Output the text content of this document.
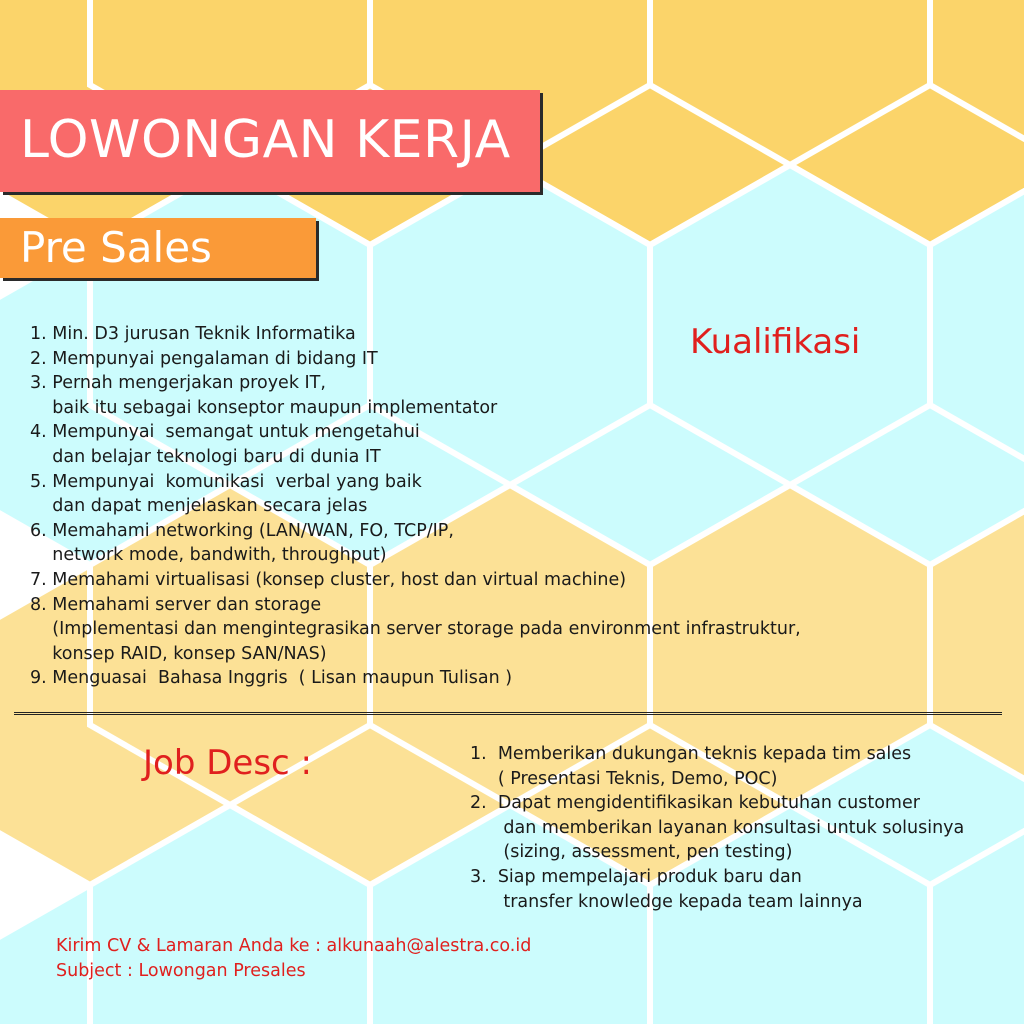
LOWONGAN KERJA
Pre Sales
Kualifikasi
1. Min. D3 jurusan Teknik Informatika
2. Mempunyai pengalaman di bidang IT
3. Pernah mengerjakan proyek IT,
baik itu sebagai konseptor maupun implementator
4. Mempunyai  semangat untuk mengetahui
dan belajar teknologi baru di dunia IT
5. Mempunyai  komunikasi  verbal yang baik
dan dapat menjelaskan secara jelas
6. Memahami networking (LAN/WAN, FO, TCP/IP,
network mode, bandwith, throughput)
7. Memahami virtualisasi (konsep cluster, host dan virtual machine)
8. Memahami server dan storage
(Implementasi dan mengintegrasikan server storage pada environment infrastruktur,
konsep RAID, konsep SAN/NAS)
9. Menguasai  Bahasa Inggris  ( Lisan maupun Tulisan )
Job Desc :	1.  Memberikan dukungan teknis kepada tim sales
( Presentasi Teknis, Demo, POC)
2.  Dapat mengidentifikasikan kebutuhan customer
dan memberikan layanan konsultasi untuk solusinya
(sizing, assessment, pen testing)
3.  Siap mempelajari produk baru dan
transfer knowledge kepada team lainnya
Kirim CV & Lamaran Anda ke : alkunaah@alestra.co.id
Subject : Lowongan Presales
